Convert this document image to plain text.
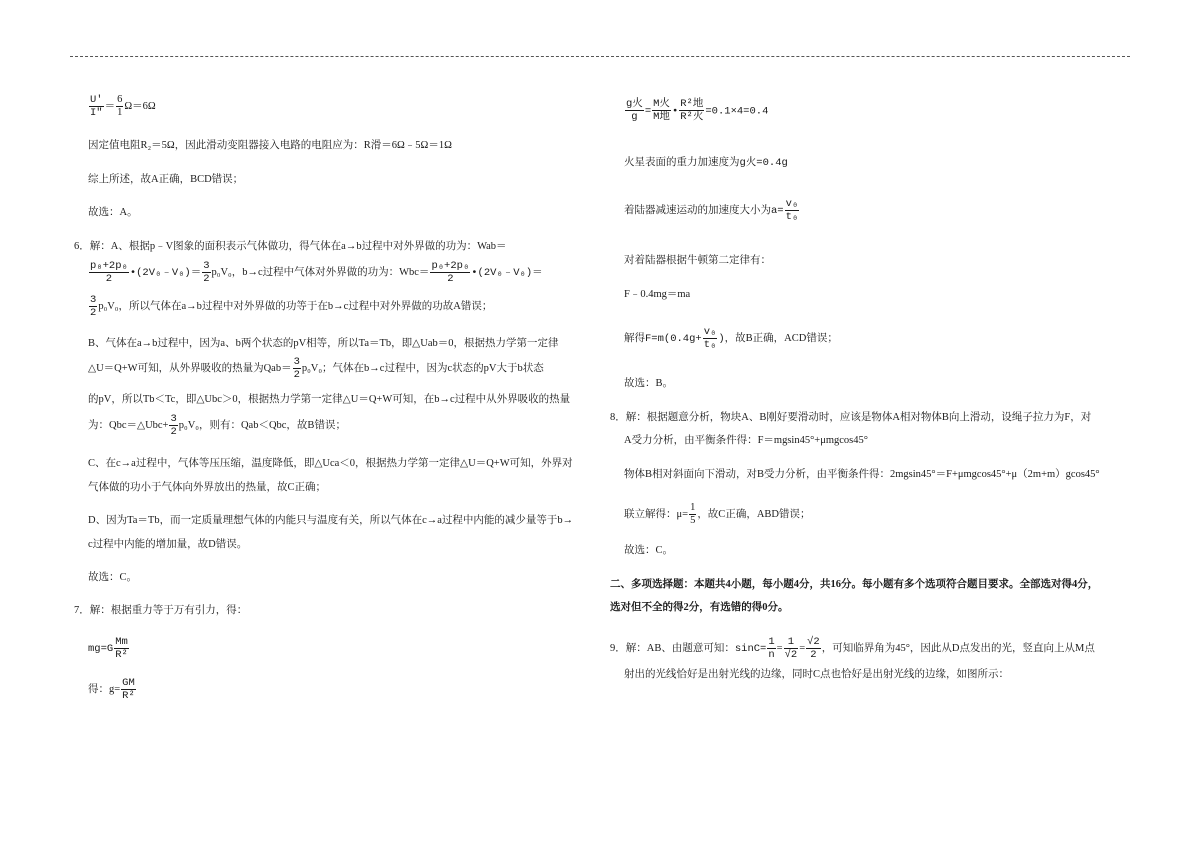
$\frac{U'}{I''} = \frac{6}{1} \Omega=6\Omega$
因定值电阻R₂＝5Ω，因此滑动变阻器接入电路的电阻应为：R滑＝6Ω﹣5Ω＝1Ω
综上所述，故A正确，BCD错误；
故选：A。
6．解：A、根据p﹣V图象的面积表示气体做功，得气体在a→b过程中对外界做的功为：Wab＝
$\frac{\text{p₀+2p₀}}{2}$ •(2V₀﹣V₀)＝ $\frac{3}{2} p_0V_0$，b→c过程中气体对外界做的功为：$Wbc= \frac{\text{p₀+2p₀}}{2}$ •(2V₀﹣V₀)＝
$\frac{3}{2} p_0V_0$，所以气体在a→b过程中对外界做的功等于在b→c过程中对外界做的功故A错误；
B、气体在a→b过程中，因为a、b两个状态的pV相等，所以Ta＝Tb，即△Uab＝0，根据热力学第一定律
△U＝Q+W可知，从外界吸收的热量为$Qab= \frac{3}{2} p_0V_0$；气体在b→c过程中，因为c状态的pV大于b状态
的pV，所以Tb＜Tc，即△Ubc＞0，根据热力学第一定律△U＝Q+W可知，在b→c过程中从外界吸收的热量
为：Qbc＝△Ubc+ $\frac{3}{2} p_0V_0$，则有：Qab＜Qbc，故B错误；
C、在c→a过程中，气体等压压缩，温度降低，即△Uca＜0，根据热力学第一定律△U＝Q+W可知，外界对
气体做的功小于气体向外界放出的热量，故C正确；
D、因为Ta＝Tb，而一定质量理想气体的内能只与温度有关，所以气体在c→a过程中内能的减少量等于b→
c过程中内能的增加量，故D错误。
故选：C。
7．解：根据重力等于万有引力，得：
$mg=G \frac{Mm}{\text{R²}}$
得：$g= \frac{GM}{\text{R²}}$
g火
g =
M火
M地 •
R²地
R²火 =0.1×4=0.4
火星表面的重力加速度为g火=0.4g
着陆器减速运动的加速度大小为$a= \frac{\text{v₀}}{\text{t₀}}$
对着陆器根据牛顿第二定律有：
F﹣0.4mg＝ma
解得$F=m(0.4g+ \frac{\text{v₀}}{\text{t₀}}$ )，故B正确，ACD错误；
故选：B。
8．解：根据题意分析，物块A、B刚好要滑动时，应该是物体A相对物体B向上滑动，设绳子拉力为F，对
A受力分析，由平衡条件得：F＝mgsin45°+μmgcos45°
物体B相对斜面向下滑动，对B受力分析，由平衡条件得：2mgsin45°＝F+μmgcos45°+μ（2m+m）gcos45°
联立解得：$\mu= \frac{1}{5}$ ，故C正确，ABD错误；
故选：C。
二、多项选择题：本题共4小题，每小题4分，共16分。每小题有多个选项符合题目要求。全部选对得4分，
选对但不全的得2分，有选错的得0分。
9．解：AB、由题意可知：$\sin C= \frac{1}{n} = \frac{1}{√2} = \frac{√2}{2}$ ，可知临界角为45°，因此从D点发出的光，竖直向上从M点
射出的光线恰好是出射光线的边缘，同时C点也恰好是出射光线的边缘，如图所示：
